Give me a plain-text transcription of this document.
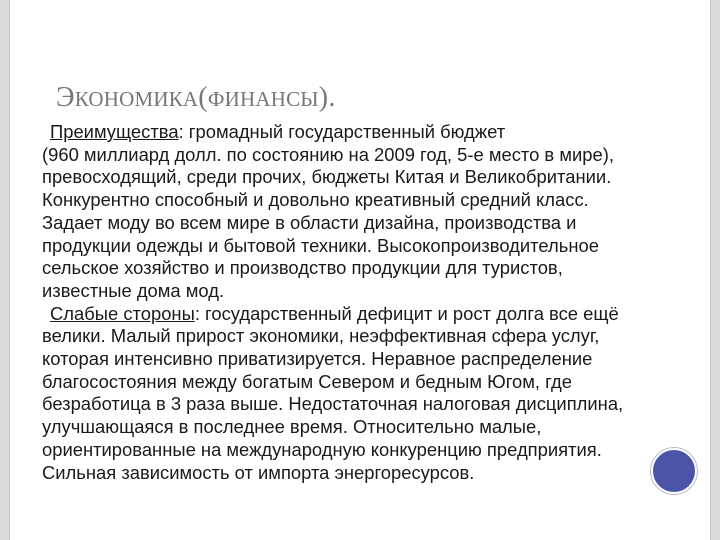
ЭКОНОМИКА(ФИНАНСЫ).
Преимущества: громадный государственный бюджет
(960 миллиард долл. по состоянию на 2009 год, 5-е место в мире),
превосходящий, среди прочих, бюджеты Китая и Великобритании.
Конкурентно способный и довольно креативный средний класс.
Задает моду во всем мире в области дизайна, производства и
продукции одежды и бытовой техники. Высокопроизводительное
сельское хозяйство и производство продукции для туристов,
известные дома мод.
Слабые стороны: государственный дефицит и рост долга все ещё
велики. Малый прирост экономики, неэффективная сфера услуг,
которая интенсивно приватизируется. Неравное распределение
благосостояния между богатым Севером и бедным Югом, где
безработица в 3 раза выше. Недостаточная налоговая дисциплина,
улучшающаяся в последнее время. Относительно малые,
ориентированные на международную конкуренцию предприятия.
Сильная зависимость от импорта энергоресурсов.
